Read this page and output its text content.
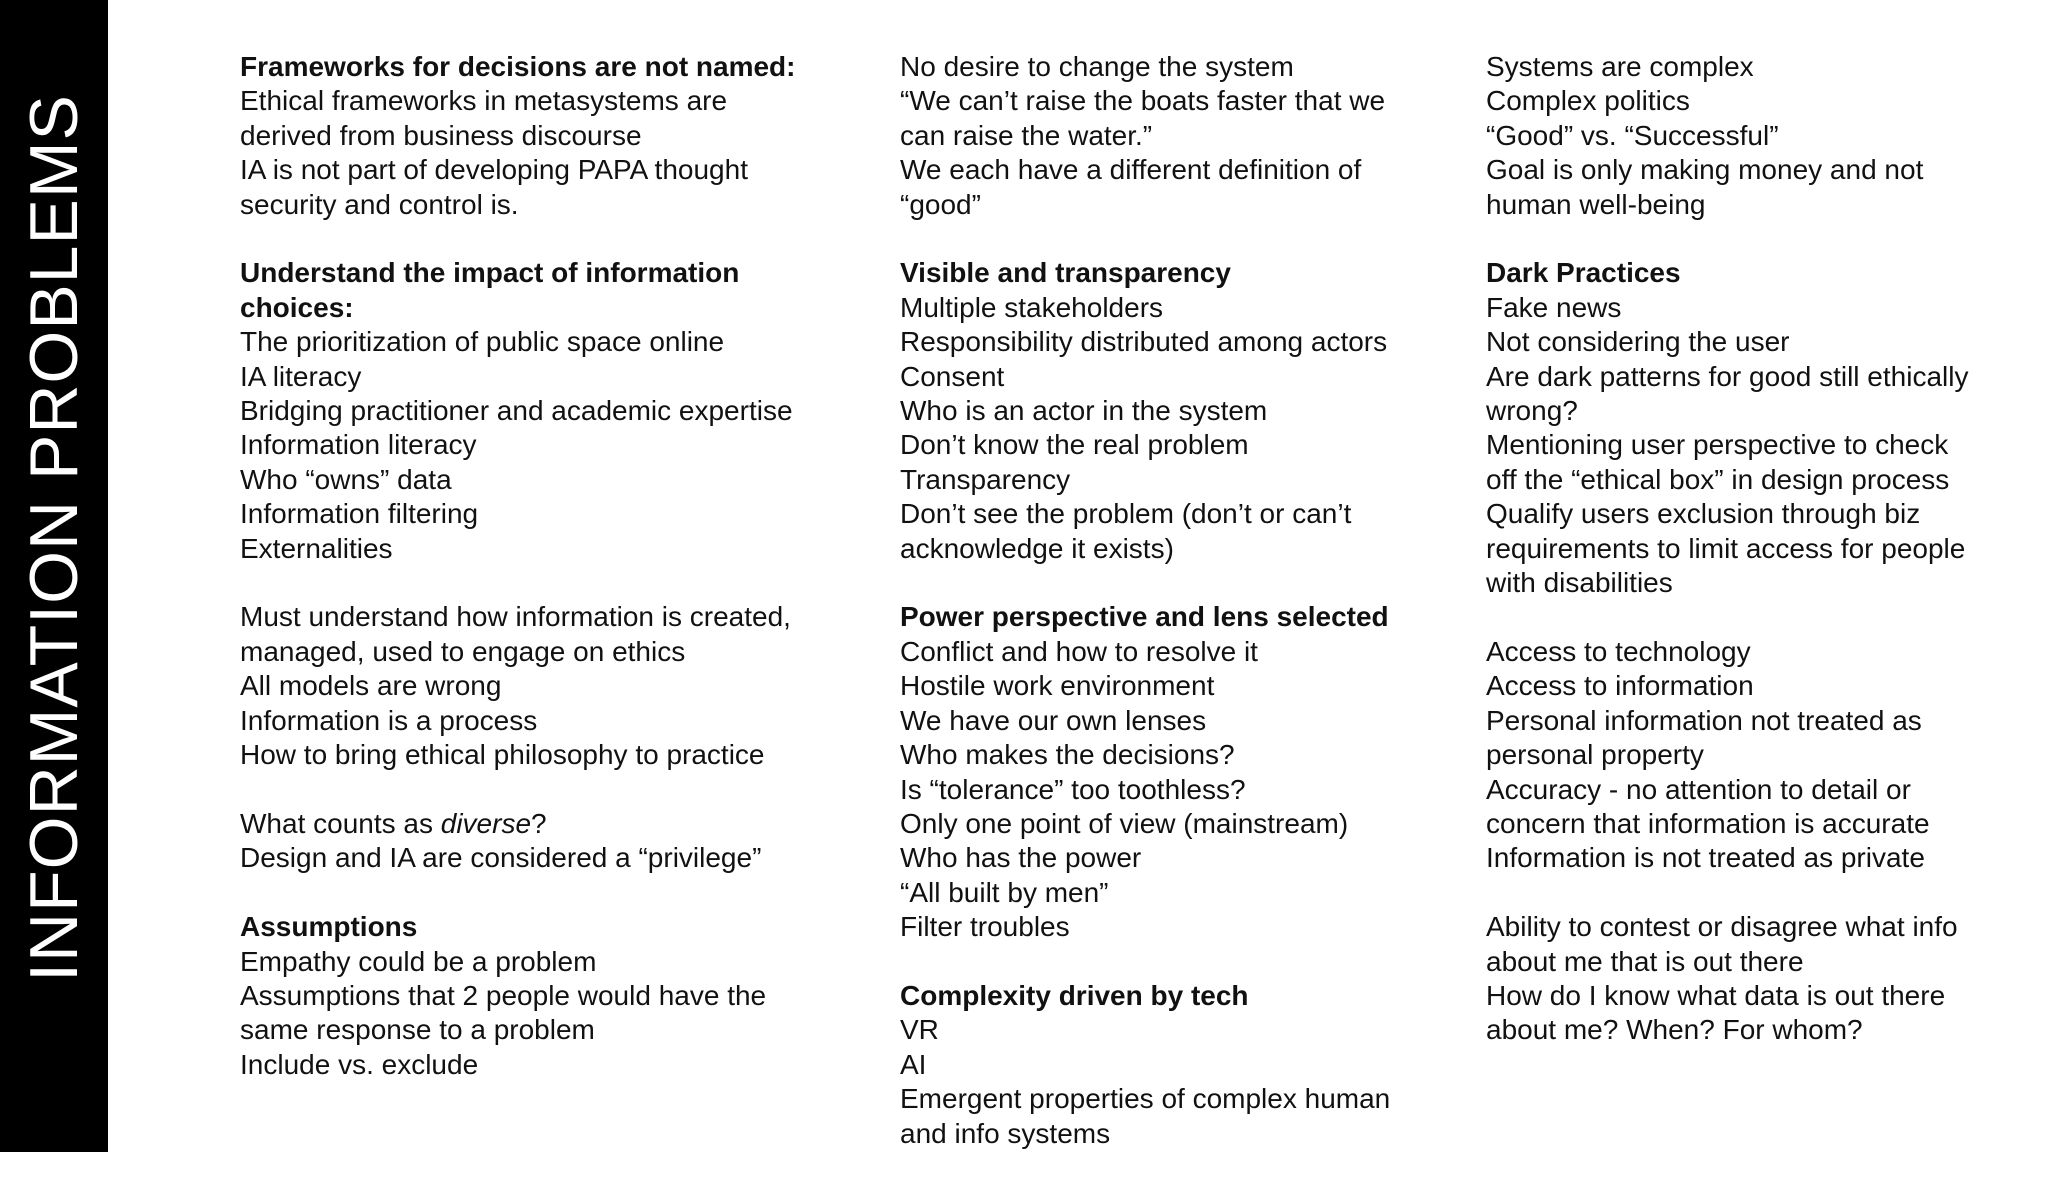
INFORMATION PROBLEMS
Frameworks for decisions are not named:
Ethical frameworks in metasystems are
derived from business discourse
IA is not part of developing PAPA thought
security and control is.
Understand the impact of information
choices:
The prioritization of public space online
IA literacy
Bridging practitioner and academic expertise
Information literacy
Who “owns” data
Information filtering
Externalities
Must understand how information is created,
managed, used to engage on ethics
All models are wrong
Information is a process
How to bring ethical philosophy to practice
What counts as diverse?
Design and IA are considered a “privilege”
Assumptions
Empathy could be a problem
Assumptions that 2 people would have the
same response to a problem
Include vs. exclude
No desire to change the system
“We can’t raise the boats faster that we
can raise the water.”
We each have a different definition of
“good”
Visible and transparency
Multiple stakeholders
Responsibility distributed among actors
Consent
Who is an actor in the system
Don’t know the real problem
Transparency
Don’t see the problem (don’t or can’t
acknowledge it exists)
Power perspective and lens selected
Conflict and how to resolve it
Hostile work environment
We have our own lenses
Who makes the decisions?
Is “tolerance” too toothless?
Only one point of view (mainstream)
Who has the power
“All built by men”
Filter troubles
Complexity driven by tech
VR
AI
Emergent properties of complex human
and info systems
Systems are complex
Complex politics
“Good” vs. “Successful”
Goal is only making money and not
human well-being
Dark Practices
Fake news
Not considering the user
Are dark patterns for good still ethically
wrong?
Mentioning user perspective to check
off the “ethical box” in design process
Qualify users exclusion through biz
requirements to limit access for people
with disabilities
Access to technology
Access to information
Personal information not treated as
personal property
Accuracy - no attention to detail or
concern that information is accurate
Information is not treated as private
Ability to contest or disagree what info
about me that is out there
How do I know what data is out there
about me? When? For whom?
